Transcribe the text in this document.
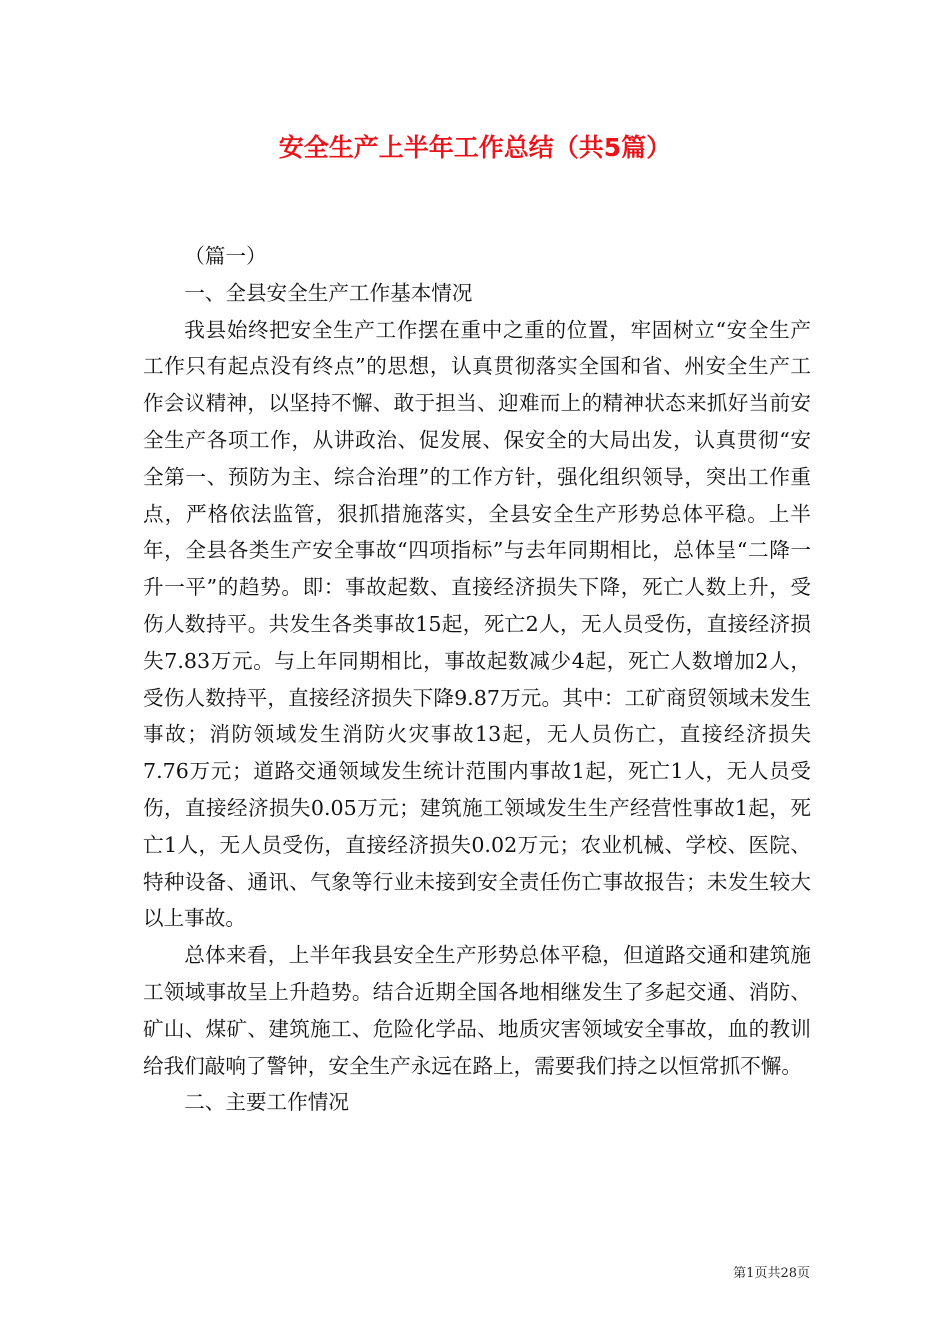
安全生产上半年工作总结（共5篇）

（篇一）

一、全县安全生产工作基本情况

我县始终把安全生产工作摆在重中之重的位置，牢固树立“安全生产工作只有起点没有终点”的思想，认真贯彻落实全国和省、州安全生产工作会议精神，以坚持不懈、敢于担当、迎难而上的精神状态来抓好当前安全生产各项工作，从讲政治、促发展、保安全的大局出发，认真贯彻“安全第一、预防为主、综合治理”的工作方针，强化组织领导，突出工作重点，严格依法监管，狠抓措施落实，全县安全生产形势总体平稳。上半年，全县各类生产安全事故“四项指标”与去年同期相比，总体呈“二降一升一平”的趋势。即：事故起数、直接经济损失下降，死亡人数上升，受伤人数持平。共发生各类事故15起，死亡2人，无人员受伤，直接经济损失7.83万元。与上年同期相比，事故起数减少4起，死亡人数增加2人，受伤人数持平，直接经济损失下降9.87万元。其中：工矿商贸领域未发生事故；消防领域发生消防火灾事故13起，无人员伤亡，直接经济损失7.76万元；道路交通领域发生统计范围内事故1起，死亡1人，无人员受伤，直接经济损失0.05万元；建筑施工领域发生生产经营性事故1起，死亡1人，无人员受伤，直接经济损失0.02万元；农业机械、学校、医院、特种设备、通讯、气象等行业未接到安全责任伤亡事故报告；未发生较大以上事故。

总体来看，上半年我县安全生产形势总体平稳，但道路交通和建筑施工领域事故呈上升趋势。结合近期全国各地相继发生了多起交通、消防、矿山、煤矿、建筑施工、危险化学品、地质灾害领域安全事故，血的教训给我们敲响了警钟，安全生产永远在路上，需要我们持之以恒常抓不懈。

二、主要工作情况

第1页共28页
